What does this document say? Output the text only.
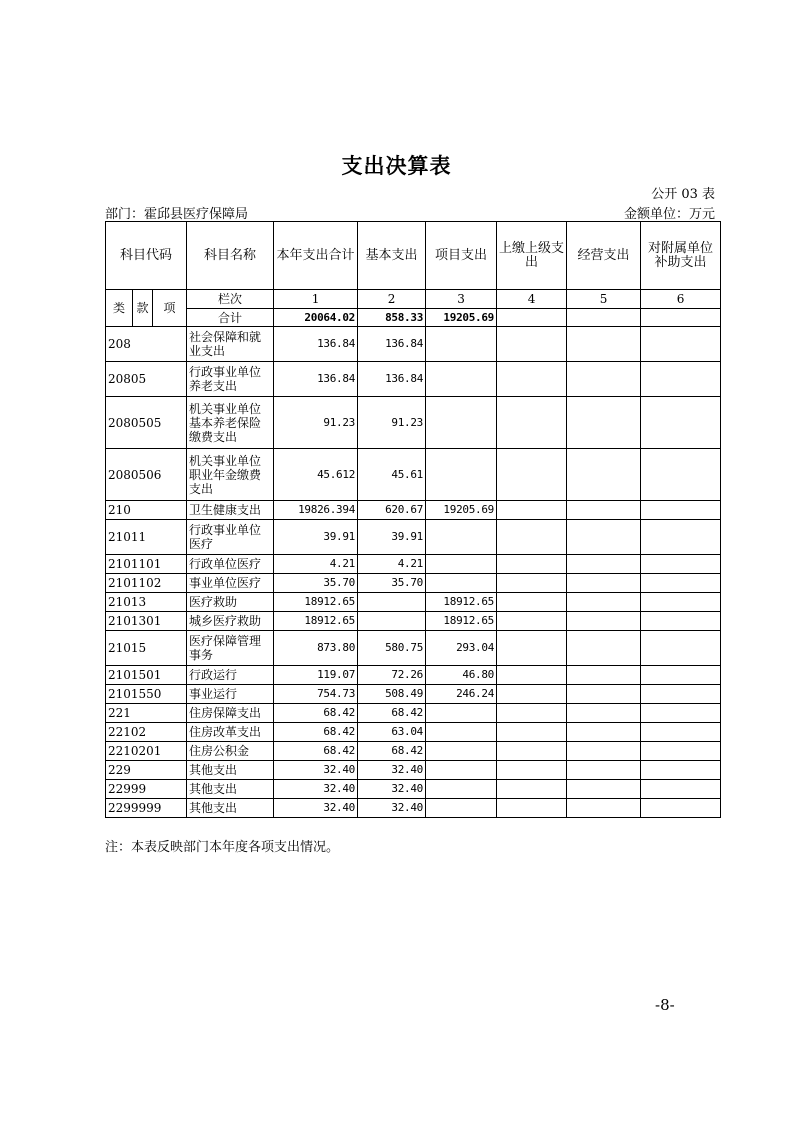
支出决算表
公开 03 表
部门：霍邱县医疗保障局	金额单位：万元
科目代码			科目名称	本年支出合计	基本支出	项目支出	上缴上级支出	经营支出	对附属单位补助支出
类	款	项	栏次	1	2	3	4	5	6
			合计	20064.02	858.33	19205.69			
208			社会保障和就业支出	136.84	136.84				
20805			行政事业单位养老支出	136.84	136.84				
2080505			机关事业单位基本养老保险缴费支出	91.23	91.23				
2080506			机关事业单位职业年金缴费支出	45.612	45.61				
210			卫生健康支出	19826.394	620.67	19205.69			
21011			行政事业单位医疗	39.91	39.91				
2101101			行政单位医疗	4.21	4.21				
2101102			事业单位医疗	35.70	35.70				
21013			医疗救助	18912.65		18912.65			
2101301			城乡医疗救助	18912.65		18912.65			
21015			医疗保障管理事务	873.80	580.75	293.04			
2101501			行政运行	119.07	72.26	46.80			
2101550			事业运行	754.73	508.49	246.24			
221			住房保障支出	68.42	68.42				
22102			住房改革支出	68.42	63.04				
2210201			住房公积金	68.42	68.42				
229			其他支出	32.40	32.40				
22999			其他支出	32.40	32.40				
2299999			其他支出	32.40	32.40				
注：本表反映部门本年度各项支出情况。
-8-
